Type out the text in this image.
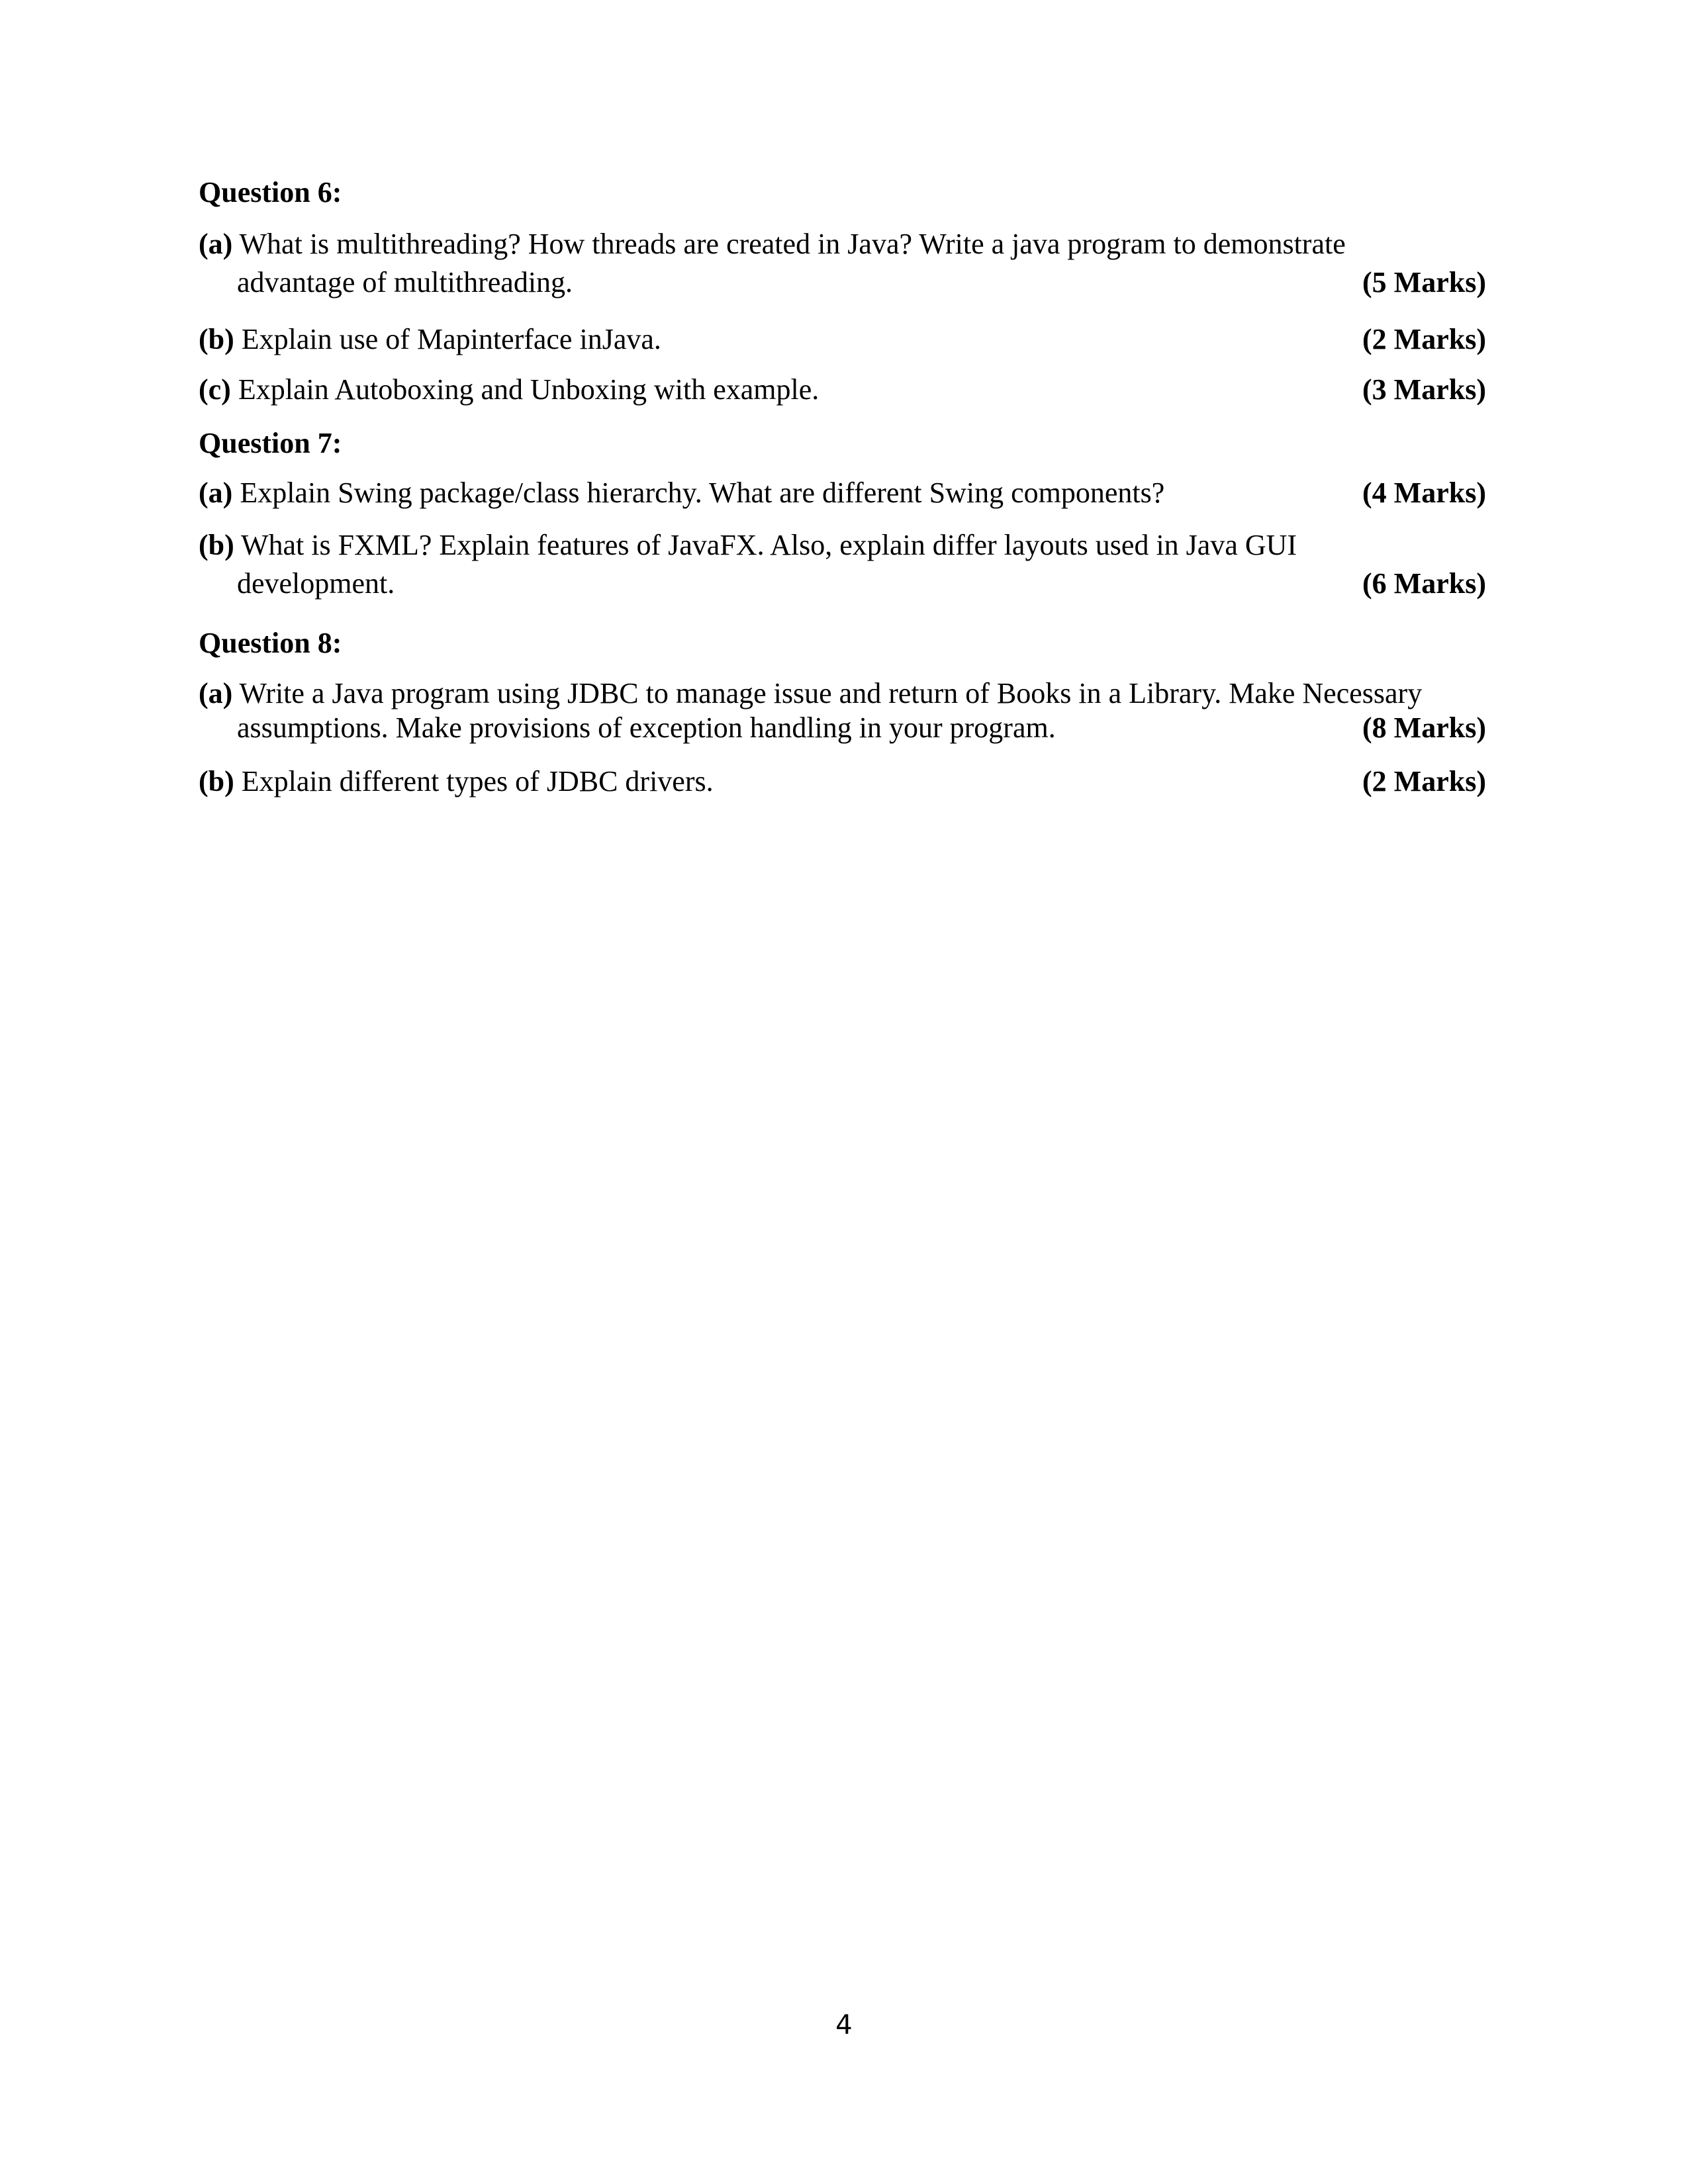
Question 6:
(a) What is multithreading? How threads are created in Java? Write a java program to demonstrate
advantage of multithreading.	(5 Marks)
(b) Explain use of Mapinterface inJava.	(2 Marks)
(c) Explain Autoboxing and Unboxing with example.	(3 Marks)
Question 7:
(a) Explain Swing package/class hierarchy. What are different Swing components?	(4 Marks)
(b) What is FXML? Explain features of JavaFX. Also, explain differ layouts used in Java GUI
development.	(6 Marks)
Question 8:
(a) Write a Java program using JDBC to manage issue and return of Books in a Library. Make Necessary
assumptions. Make provisions of exception handling in your program.	(8 Marks)
(b) Explain different types of JDBC drivers.	(2 Marks)
4
